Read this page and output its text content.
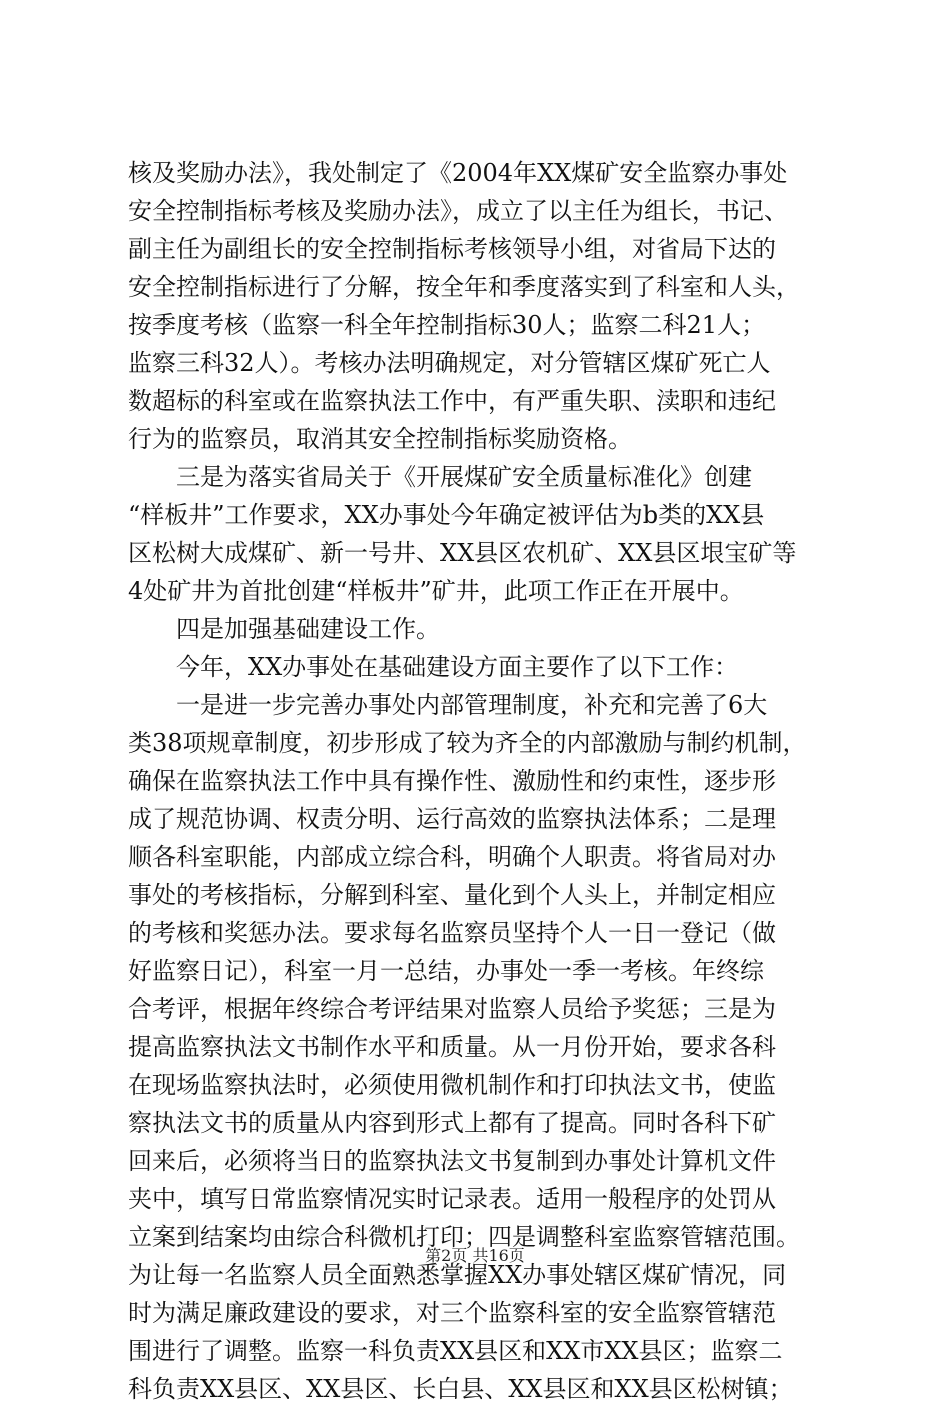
核及奖励办法》，我处制定了《2004年XX煤矿安全监察办事处
安全控制指标考核及奖励办法》，成立了以主任为组长，书记、
副主任为副组长的安全控制指标考核领导小组，对省局下达的
安全控制指标进行了分解，按全年和季度落实到了科室和人头，
按季度考核（监察一科全年控制指标30人；监察二科21人；
监察三科32人）。考核办法明确规定，对分管辖区煤矿死亡人
数超标的科室或在监察执法工作中，有严重失职、渎职和违纪
行为的监察员，取消其安全控制指标奖励资格。
三是为落实省局关于《开展煤矿安全质量标准化》创建
“样板井”工作要求，XX办事处今年确定被评估为b类的XX县
区松树大成煤矿、新一号井、XX县区农机矿、XX县区垠宝矿等
4处矿井为首批创建“样板井”矿井，此项工作正在开展中。
四是加强基础建设工作。
今年，XX办事处在基础建设方面主要作了以下工作：
一是进一步完善办事处内部管理制度，补充和完善了6大
类38项规章制度，初步形成了较为齐全的内部激励与制约机制，
确保在监察执法工作中具有操作性、激励性和约束性，逐步形
成了规范协调、权责分明、运行高效的监察执法体系；二是理
顺各科室职能，内部成立综合科，明确个人职责。将省局对办
事处的考核指标，分解到科室、量化到个人头上，并制定相应
的考核和奖惩办法。要求每名监察员坚持个人一日一登记（做
好监察日记），科室一月一总结，办事处一季一考核。年终综
合考评，根据年终综合考评结果对监察人员给予奖惩；三是为
提高监察执法文书制作水平和质量。从一月份开始，要求各科
在现场监察执法时，必须使用微机制作和打印执法文书，使监
察执法文书的质量从内容到形式上都有了提高。同时各科下矿
回来后，必须将当日的监察执法文书复制到办事处计算机文件
夹中，填写日常监察情况实时记录表。适用一般程序的处罚从
立案到结案均由综合科微机打印；四是调整科室监察管辖范围。
为让每一名监察人员全面熟悉掌握XX办事处辖区煤矿情况，同
时为满足廉政建设的要求，对三个监察科室的安全监察管辖范
围进行了调整。监察一科负责XX县区和XX市XX县区；监察二
科负责XX县区、XX县区、长白县、XX县区和XX县区松树镇；
第2页 共16页
